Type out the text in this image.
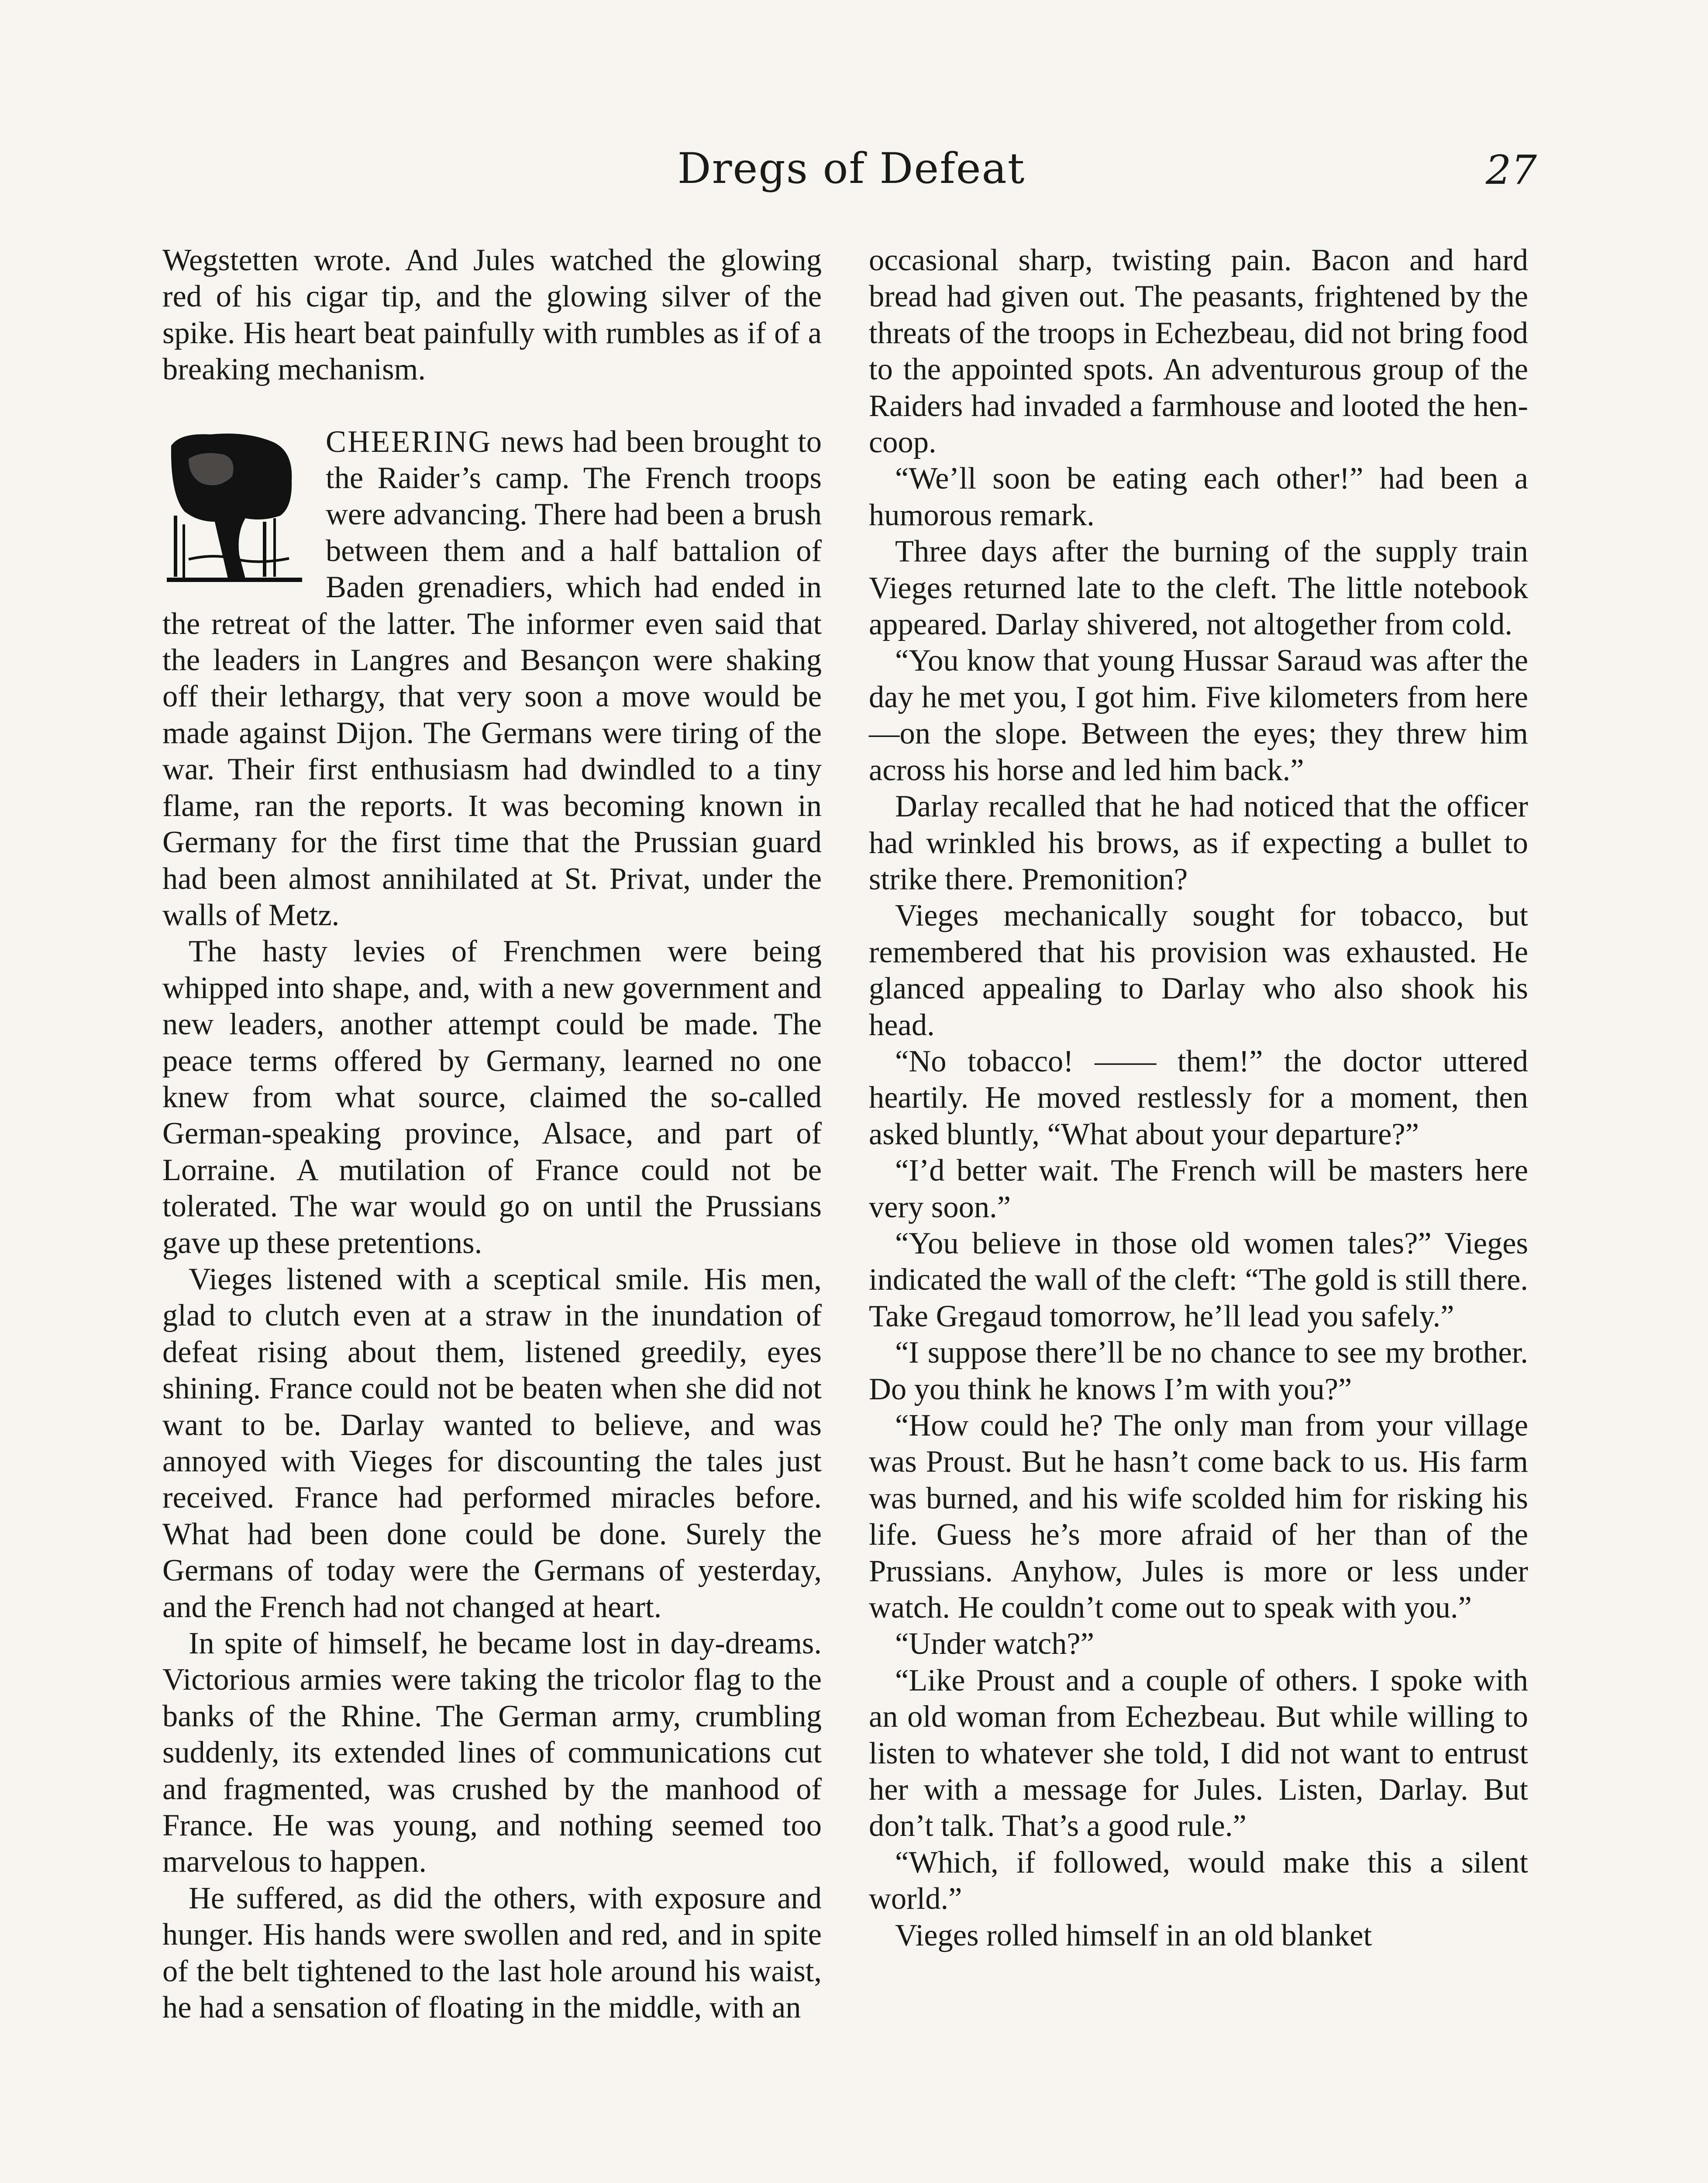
Dregs of Defeat	27

Wegstetten wrote. And Jules watched the glowing red of his cigar tip, and the glowing silver of the spike. His heart beat painfully with rumbles as if of a breaking mechanism.

CHEERING news had been brought to the Raider’s camp. The French troops were advancing. There had been a brush between them and a half battalion of Baden grenadiers, which had ended in the retreat of the latter. The informer even said that the leaders in Langres and Besançon were shaking off their lethargy, that very soon a move would be made against Dijon. The Germans were tiring of the war. Their first enthusiasm had dwindled to a tiny flame, ran the reports. It was becoming known in Germany for the first time that the Prussian guard had been almost annihilated at St. Privat, under the walls of Metz.

The hasty levies of Frenchmen were being whipped into shape, and, with a new government and new leaders, another attempt could be made. The peace terms offered by Germany, learned no one knew from what source, claimed the so-called German-speaking province, Alsace, and part of Lorraine. A mutilation of France could not be tolerated. The war would go on until the Prussians gave up these pretentions.

Vieges listened with a sceptical smile. His men, glad to clutch even at a straw in the inundation of defeat rising about them, listened greedily, eyes shining. France could not be beaten when she did not want to be. Darlay wanted to believe, and was annoyed with Vieges for discounting the tales just received. France had performed miracles before. What had been done could be done. Surely the Germans of today were the Germans of yesterday, and the French had not changed at heart.

In spite of himself, he became lost in day-dreams. Victorious armies were taking the tricolor flag to the banks of the Rhine. The German army, crumbling suddenly, its extended lines of communications cut and fragmented, was crushed by the manhood of France. He was young, and nothing seemed too marvelous to happen.

He suffered, as did the others, with exposure and hunger. His hands were swollen and red, and in spite of the belt tightened to the last hole around his waist, he had a sensation of floating in the middle, with an

occasional sharp, twisting pain. Bacon and hard bread had given out. The peasants, frightened by the threats of the troops in Echezbeau, did not bring food to the appointed spots. An adventurous group of the Raiders had invaded a farmhouse and looted the hen-coop.

“We’ll soon be eating each other!” had been a humorous remark.

Three days after the burning of the supply train Vieges returned late to the cleft. The little notebook appeared. Darlay shivered, not altogether from cold.

“You know that young Hussar Saraud was after the day he met you, I got him. Five kilometers from here—on the slope. Between the eyes; they threw him across his horse and led him back.”

Darlay recalled that he had noticed that the officer had wrinkled his brows, as if expecting a bullet to strike there. Premonition?

Vieges mechanically sought for tobacco, but remembered that his provision was exhausted. He glanced appealing to Darlay who also shook his head.

“No tobacco! —— them!” the doctor uttered heartily. He moved restlessly for a moment, then asked bluntly, “What about your departure?”

“I’d better wait. The French will be masters here very soon.”

“You believe in those old women tales?” Vieges indicated the wall of the cleft: “The gold is still there. Take Gregaud tomorrow, he’ll lead you safely.”

“I suppose there’ll be no chance to see my brother. Do you think he knows I’m with you?”

“How could he? The only man from your village was Proust. But he hasn’t come back to us. His farm was burned, and his wife scolded him for risking his life. Guess he’s more afraid of her than of the Prussians. Anyhow, Jules is more or less under watch. He couldn’t come out to speak with you.”

“Under watch?”

“Like Proust and a couple of others. I spoke with an old woman from Echezbeau. But while willing to listen to whatever she told, I did not want to entrust her with a message for Jules. Listen, Darlay. But don’t talk. That’s a good rule.”

“Which, if followed, would make this a silent world.”

Vieges rolled himself in an old blanket
